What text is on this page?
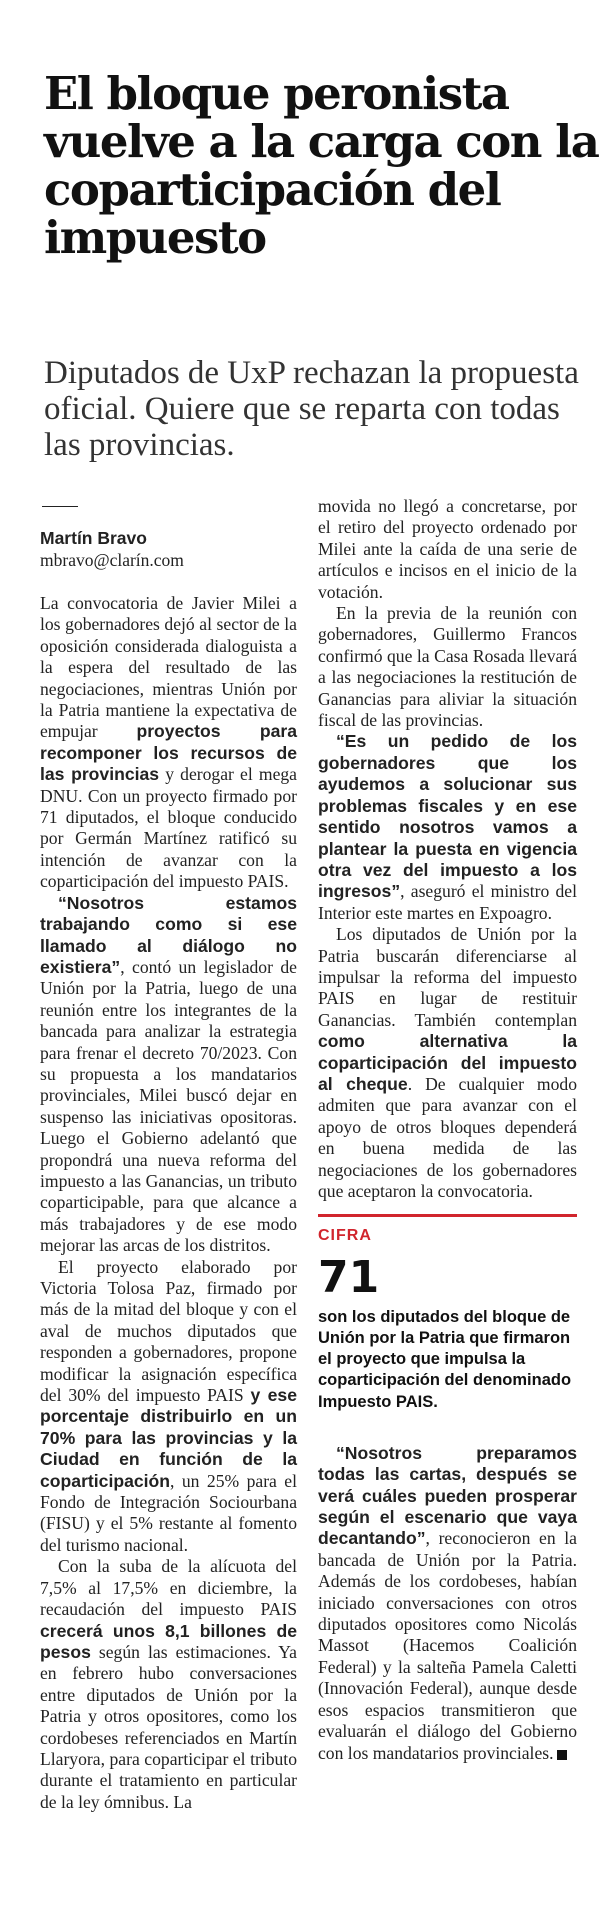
El bloque peronista vuelve a la carga con la coparticipación del impuesto

Diputados de UxP rechazan la propuesta oficial. Quiere que se reparta con todas las provincias.

Martín Bravo
mbravo@clarín.com

La convocatoria de Javier Milei a los gobernadores dejó al sector de la oposición considerada dialoguista a la espera del resultado de las negociaciones, mientras Unión por la Patria mantiene la expectativa de empujar proyectos para recomponer los recursos de las provincias y derogar el mega DNU. Con un proyecto firmado por 71 diputados, el bloque conducido por Germán Martínez ratificó su intención de avanzar con la coparticipación del impuesto PAIS.

“Nosotros estamos trabajando como si ese llamado al diálogo no existiera”, contó un legislador de Unión por la Patria, luego de una reunión entre los integrantes de la bancada para analizar la estrategia para frenar el decreto 70/2023. Con su propuesta a los mandatarios provinciales, Milei buscó dejar en suspenso las iniciativas opositoras. Luego el Gobierno adelantó que propondrá una nueva reforma del impuesto a las Ganancias, un tributo coparticipable, para que alcance a más trabajadores y de ese modo mejorar las arcas de los distritos.

El proyecto elaborado por Victoria Tolosa Paz, firmado por más de la mitad del bloque y con el aval de muchos diputados que responden a gobernadores, propone modificar la asignación específica del 30% del impuesto PAIS y ese porcentaje distribuirlo en un 70% para las provincias y la Ciudad en función de la coparticipación, un 25% para el Fondo de Integración Sociourbana (FISU) y el 5% restante al fomento del turismo nacional.

Con la suba de la alícuota del 7,5% al 17,5% en diciembre, la recaudación del impuesto PAIS crecerá unos 8,1 billones de pesos según las estimaciones. Ya en febrero hubo conversaciones entre diputados de Unión por la Patria y otros opositores, como los cordobeses referenciados en Martín Llaryora, para coparticipar el tributo durante el tratamiento en particular de la ley ómnibus. La

movida no llegó a concretarse, por el retiro del proyecto ordenado por Milei ante la caída de una serie de artículos e incisos en el inicio de la votación.

En la previa de la reunión con gobernadores, Guillermo Francos confirmó que la Casa Rosada llevará a las negociaciones la restitución de Ganancias para aliviar la situación fiscal de las provincias.

“Es un pedido de los gobernadores que los ayudemos a solucionar sus problemas fiscales y en ese sentido nosotros vamos a plantear la puesta en vigencia otra vez del impuesto a los ingresos”, aseguró el ministro del Interior este martes en Expoagro.

Los diputados de Unión por la Patria buscarán diferenciarse al impulsar la reforma del impuesto PAIS en lugar de restituir Ganancias. También contemplan como alternativa la coparticipación del impuesto al cheque. De cualquier modo admiten que para avanzar con el apoyo de otros bloques dependerá en buena medida de las negociaciones de los gobernadores que aceptaron la convocatoria.

CIFRA
71
son los diputados del bloque de Unión por la Patria que firmaron el proyecto que impulsa la coparticipación del denominado Impuesto PAIS.

“Nosotros preparamos todas las cartas, después se verá cuáles pueden prosperar según el escenario que vaya decantando”, reconocieron en la bancada de Unión por la Patria. Además de los cordobeses, habían iniciado conversaciones con otros diputados opositores como Nicolás Massot (Hacemos Coalición Federal) y la salteña Pamela Caletti (Innovación Federal), aunque desde esos espacios transmitieron que evaluarán el diálogo del Gobierno con los mandatarios provinciales.
